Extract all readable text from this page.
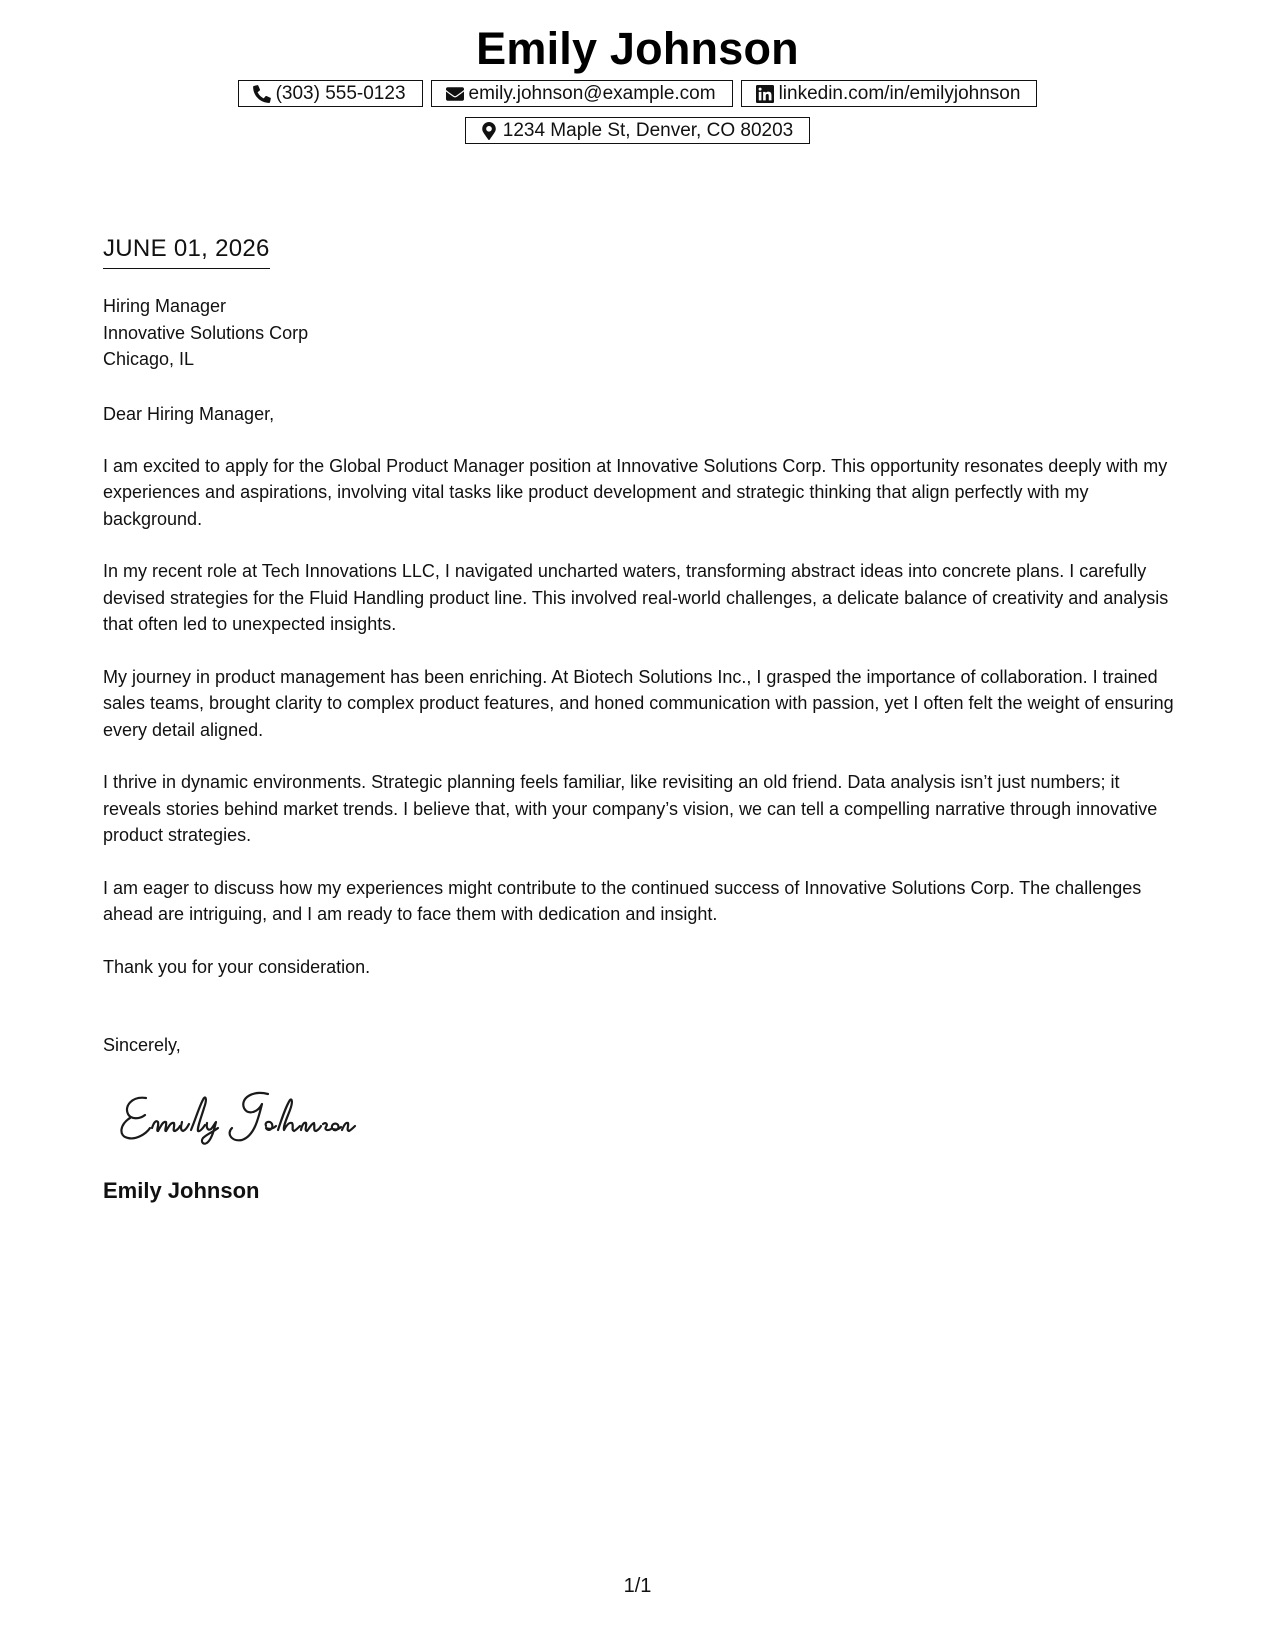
Emily Johnson
(303) 555-0123	emily.johnson@example.com	linkedin.com/in/emilyjohnson
1234 Maple St, Denver, CO 80203
JUNE 01, 2026
Hiring Manager
Innovative Solutions Corp
Chicago, IL

Dear Hiring Manager,

I am excited to apply for the Global Product Manager position at Innovative Solutions Corp. This opportunity resonates deeply with my experiences and aspirations, involving vital tasks like product development and strategic thinking that align perfectly with my background.

In my recent role at Tech Innovations LLC, I navigated uncharted waters, transforming abstract ideas into concrete plans. I carefully devised strategies for the Fluid Handling product line. This involved real-world challenges, a delicate balance of creativity and analysis that often led to unexpected insights.

My journey in product management has been enriching. At Biotech Solutions Inc., I grasped the importance of collaboration. I trained sales teams, brought clarity to complex product features, and honed communication with passion, yet I often felt the weight of ensuring every detail aligned.

I thrive in dynamic environments. Strategic planning feels familiar, like revisiting an old friend. Data analysis isn’t just numbers; it reveals stories behind market trends. I believe that, with your company’s vision, we can tell a compelling narrative through innovative product strategies.

I am eager to discuss how my experiences might contribute to the continued success of Innovative Solutions Corp. The challenges ahead are intriguing, and I am ready to face them with dedication and insight.

Thank you for your consideration.

Sincerely,

Emily Johnson
1/1
